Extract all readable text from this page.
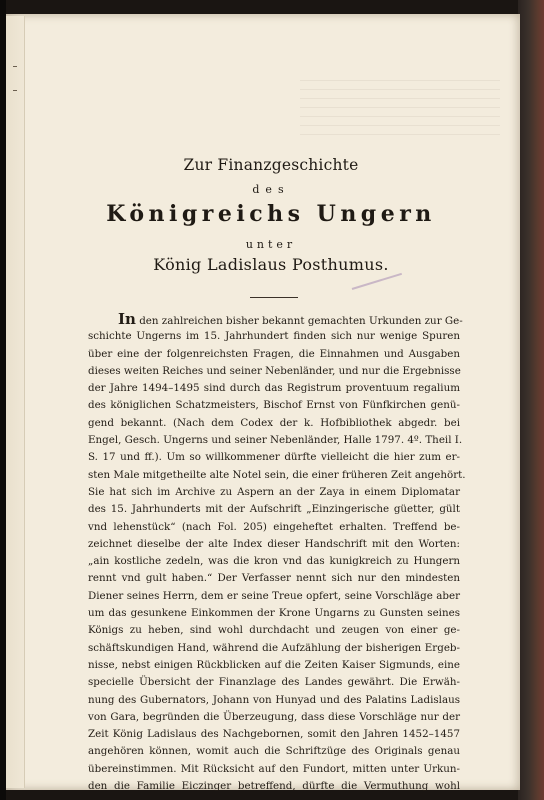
Zur Finanzgeschichte
des
Königreichs Ungern
unter
König Ladislaus Posthumus.
In den zahlreichen bisher bekannt gemachten Urkunden zur Ge-
schichte Ungerns im 15. Jahrhundert finden sich nur wenige Spuren
über eine der folgenreichsten Fragen, die Einnahmen und Ausgaben
dieses weiten Reiches und seiner Nebenländer, und nur die Ergebnisse
der Jahre 1494–1495 sind durch das Registrum proventuum regalium
des königlichen Schatzmeisters, Bischof Ernst von Fünfkirchen genü-
gend bekannt. (Nach dem Codex der k. Hofbibliothek abgedr. bei
Engel, Gesch. Ungerns und seiner Nebenländer, Halle 1797. 4º. Theil I.
S. 17 und ff.). Um so willkommener dürfte vielleicht die hier zum er-
sten Male mitgetheilte alte Notel sein, die einer früheren Zeit angehört.
Sie hat sich im Archive zu Aspern an der Zaya in einem Diplomatar
des 15. Jahrhunderts mit der Aufschrift „Einzingerische güetter, gült
vnd lehenstück“ (nach Fol. 205) eingeheftet erhalten. Treffend be-
zeichnet dieselbe der alte Index dieser Handschrift mit den Worten:
„ain kostliche zedeln, was die kron vnd das kunigkreich zu Hungern
rennt vnd gult haben.“ Der Verfasser nennt sich nur den mindesten
Diener seines Herrn, dem er seine Treue opfert, seine Vorschläge aber
um das gesunkene Einkommen der Krone Ungarns zu Gunsten seines
Königs zu heben, sind wohl durchdacht und zeugen von einer ge-
schäftskundigen Hand, während die Aufzählung der bisherigen Ergeb-
nisse, nebst einigen Rückblicken auf die Zeiten Kaiser Sigmunds, eine
specielle Übersicht der Finanzlage des Landes gewährt. Die Erwäh-
nung des Gubernators, Johann von Hunyad und des Palatins Ladislaus
von Gara, begründen die Überzeugung, dass diese Vorschläge nur der
Zeit König Ladislaus des Nachgebornen, somit den Jahren 1452–1457
angehören können, womit auch die Schriftzüge des Originals genau
übereinstimmen. Mit Rücksicht auf den Fundort, mitten unter Urkun-
den die Familie Eiczinger betreffend, dürfte die Vermuthung wohl
